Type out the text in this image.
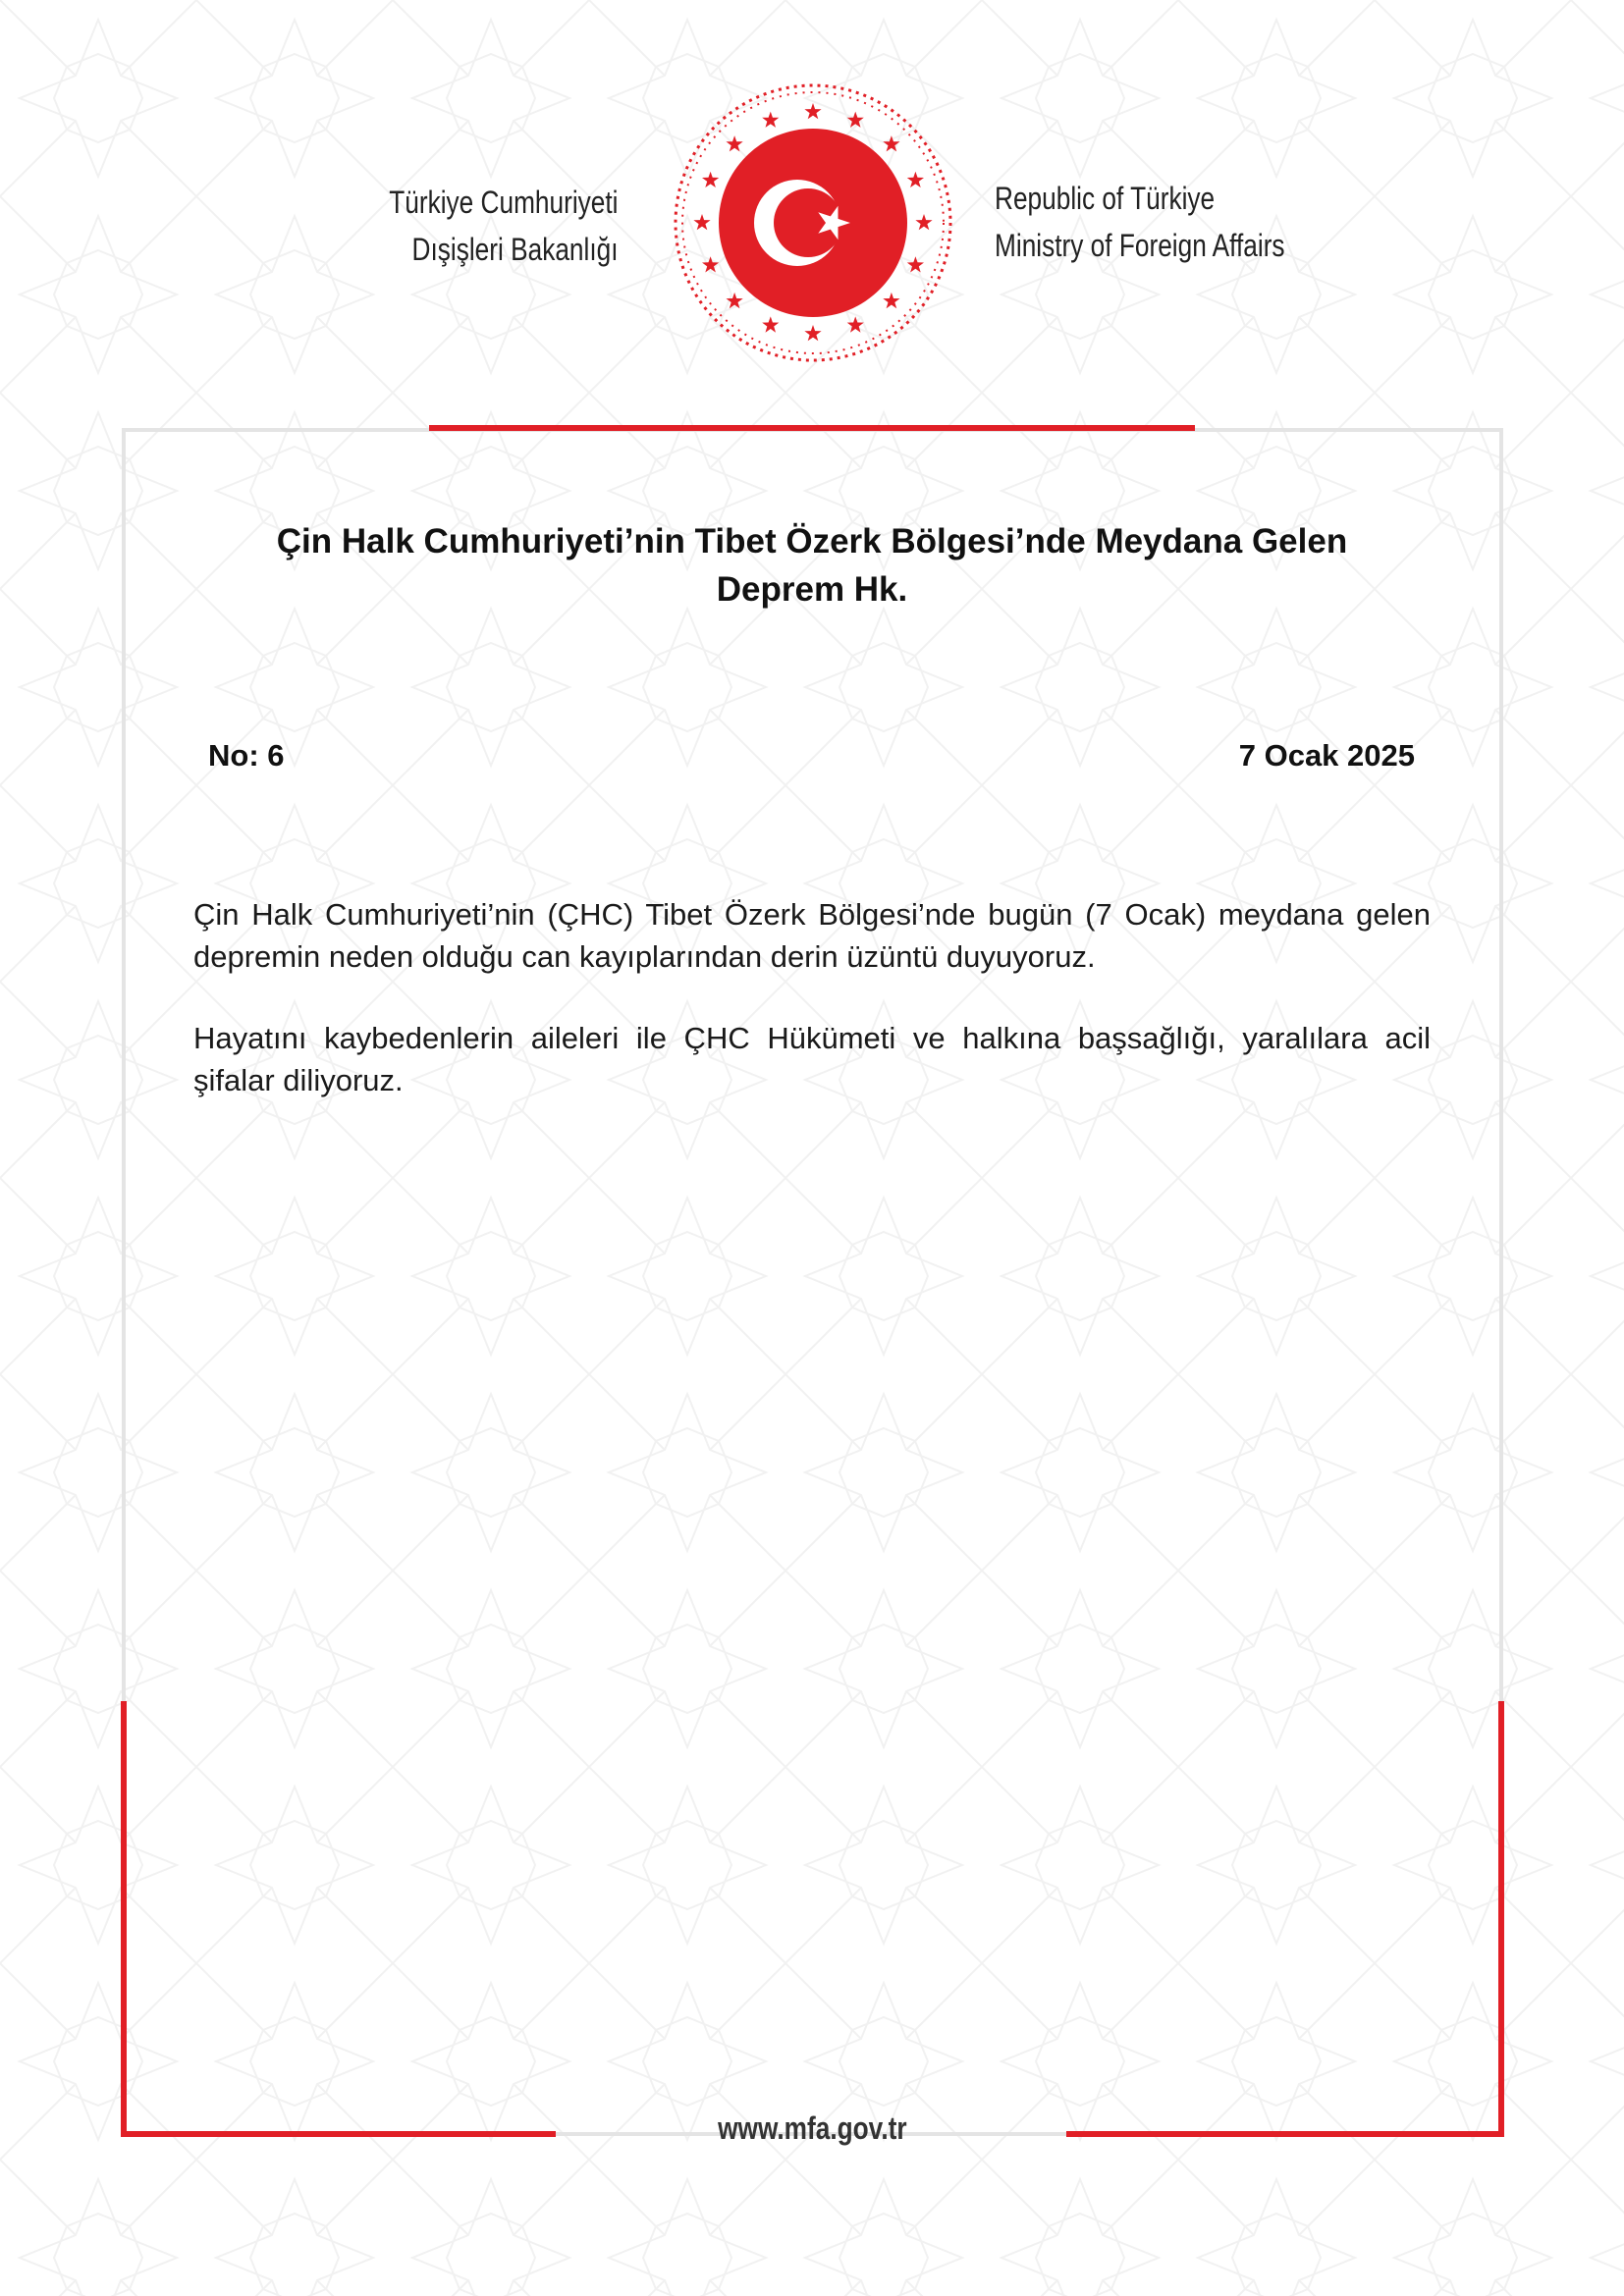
Türkiye Cumhuriyeti
Dışişleri Bakanlığı
Republic of Türkiye
Ministry of Foreign Affairs
Çin Halk Cumhuriyeti’nin Tibet Özerk Bölgesi’nde Meydana Gelen
Deprem Hk.
No: 6	7 Ocak 2025

Çin Halk Cumhuriyeti’nin (ÇHC) Tibet Özerk Bölgesi’nde bugün (7 Ocak) meydana gelen depremin neden olduğu can kayıplarından derin üzüntü duyuyoruz.

Hayatını kaybedenlerin aileleri ile ÇHC Hükümeti ve halkına başsağlığı, yaralılara acil şifalar diliyoruz.

www.mfa.gov.tr
